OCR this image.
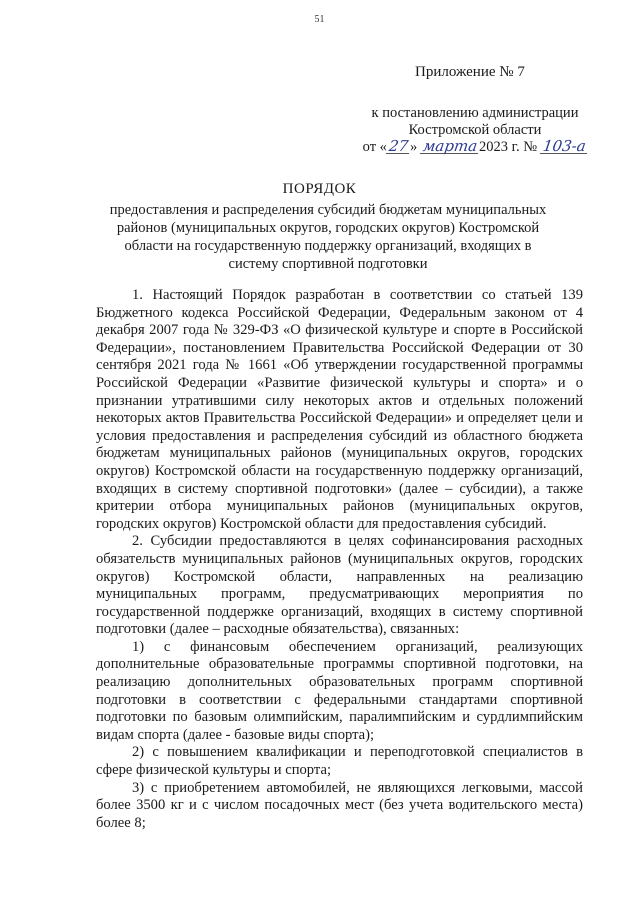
51
Приложение № 7
к постановлению администрации
Костромской области
от «27» марта2023 г. № 103-а
ПОРЯДОК
предоставления и распределения субсидий бюджетам муниципальных районов (муниципальных округов, городских округов) Костромской области на государственную поддержку организаций, входящих в систему спортивной подготовки

1. Настоящий Порядок разработан в соответствии со статьей 139 Бюджетного кодекса Российской Федерации, Федеральным законом от 4 декабря 2007 года № 329-ФЗ «О физической культуре и спорте в Российской Федерации», постановлением Правительства Российской Федерации от 30 сентября 2021 года № 1661 «Об утверждении государственной программы Российской Федерации «Развитие физической культуры и спорта» и о признании утратившими силу некоторых актов и отдельных положений некоторых актов Правительства Российской Федерации» и определяет цели и условия предоставления и распределения субсидий из областного бюджета бюджетам муниципальных районов (муниципальных округов, городских округов) Костромской области на государственную поддержку организаций, входящих в систему спортивной подготовки» (далее – субсидии), а также критерии отбора муниципальных районов (муниципальных округов, городских округов) Костромской области для предоставления субсидий.

2. Субсидии предоставляются в целях софинансирования расходных обязательств муниципальных районов (муниципальных округов, городских округов) Костромской области, направленных на реализацию муниципальных программ, предусматривающих мероприятия по государственной поддержке организаций, входящих в систему спортивной подготовки (далее – расходные обязательства), связанных:

1) с финансовым обеспечением организаций, реализующих дополнительные образовательные программы спортивной подготовки, на реализацию дополнительных образовательных программ спортивной подготовки в соответствии с федеральными стандартами спортивной подготовки по базовым олимпийским, паралимпийским и сурдлимпийским видам спорта (далее - базовые виды спорта);

2) с повышением квалификации и переподготовкой специалистов в сфере физической культуры и спорта;

3) с приобретением автомобилей, не являющихся легковыми, массой более 3500 кг и с числом посадочных мест (без учета водительского места) более 8;
